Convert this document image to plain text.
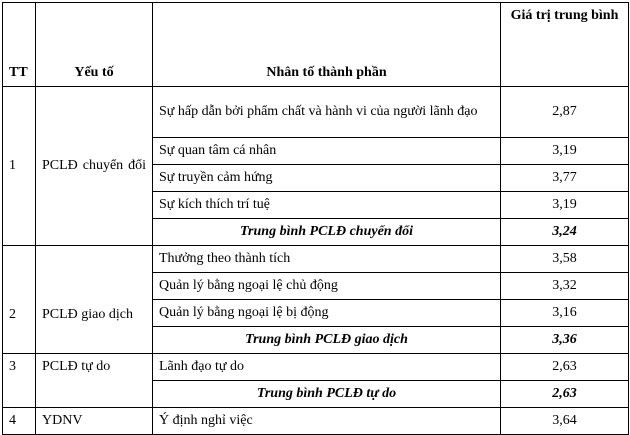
TT	Yếu tố	Nhân tố thành phần	Giá trị trung bình
1	PCLĐ chuyển đổi	Sự hấp dẫn bởi phẩm chất và hành vi của người lãnh đạo	2,87
		Sự quan tâm cá nhân	3,19
		Sự truyền cảm hứng	3,77
		Sự kích thích trí tuệ	3,19
		Trung bình PCLĐ chuyển đổi	3,24
2	PCLĐ giao dịch	Thưởng theo thành tích	3,58
		Quản lý bằng ngoại lệ chủ động	3,32
		Quản lý bằng ngoại lệ bị động	3,16
		Trung bình PCLĐ giao dịch	3,36
3	PCLĐ tự do	Lãnh đạo tự do	2,63
		Trung bình PCLĐ tự do	2,63
4	YDNV	Ý định nghỉ việc	3,64
